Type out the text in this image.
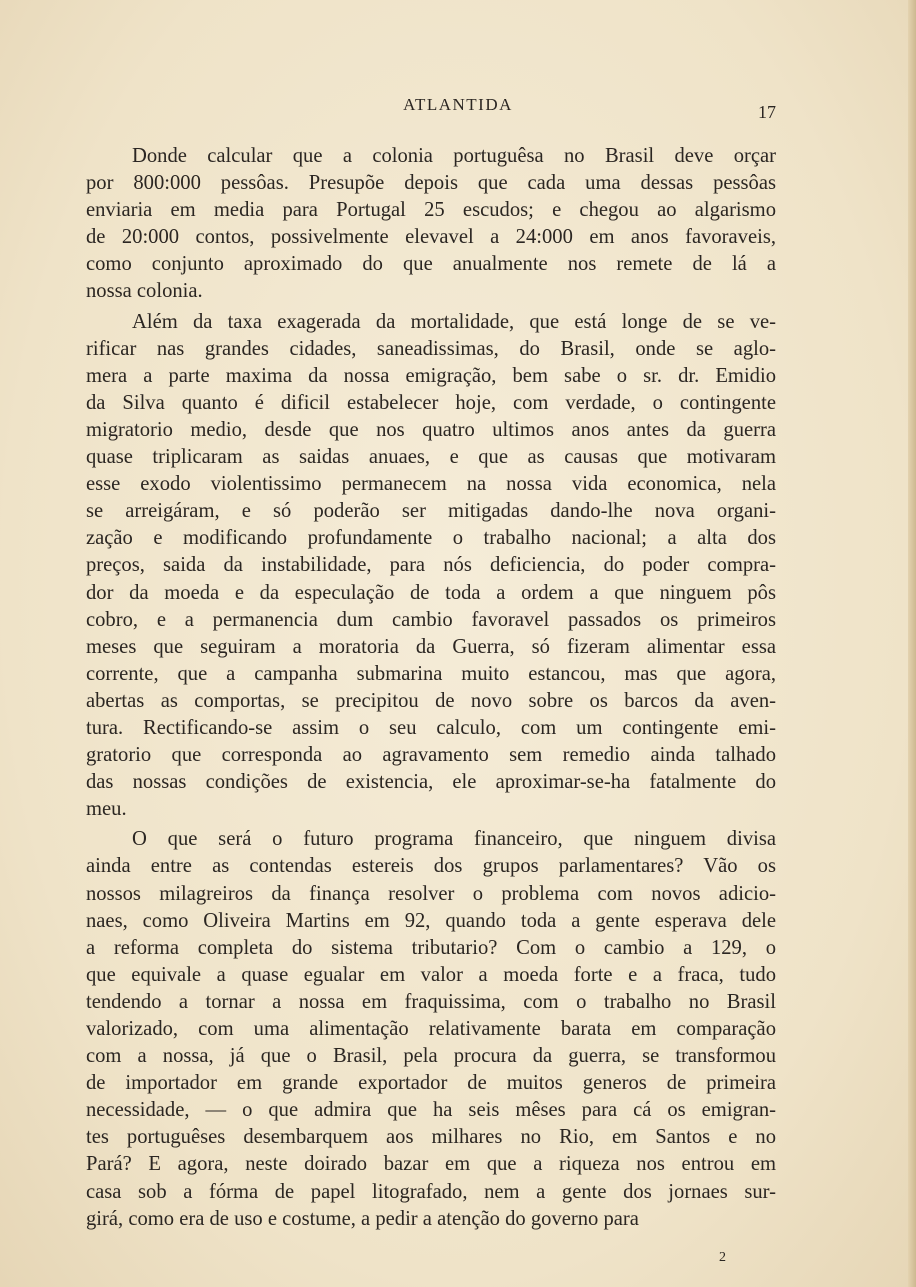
ATLANTIDA	17
Donde calcular que a colonia portuguêsa no Brasil deve orçar
por 800:000 pessôas. Presupõe depois que cada uma dessas pessôas
enviaria em media para Portugal 25 escudos; e chegou ao algarismo
de 20:000 contos, possivelmente elevavel a 24:000 em anos favoraveis,
como conjunto aproximado do que anualmente nos remete de lá a
nossa colonia.
Além da taxa exagerada da mortalidade, que está longe de se ve-
rificar nas grandes cidades, saneadissimas, do Brasil, onde se aglo-
mera a parte maxima da nossa emigração, bem sabe o sr. dr. Emidio
da Silva quanto é dificil estabelecer hoje, com verdade, o contingente
migratorio medio, desde que nos quatro ultimos anos antes da guerra
quase triplicaram as saidas anuaes, e que as causas que motivaram
esse exodo violentissimo permanecem na nossa vida economica, nela
se arreigáram, e só poderão ser mitigadas dando-lhe nova organi-
zação e modificando profundamente o trabalho nacional; a alta dos
preços, saida da instabilidade, para nós deficiencia, do poder compra-
dor da moeda e da especulação de toda a ordem a que ninguem pôs
cobro, e a permanencia dum cambio favoravel passados os primeiros
meses que seguiram a moratoria da Guerra, só fizeram alimentar essa
corrente, que a campanha submarina muito estancou, mas que agora,
abertas as comportas, se precipitou de novo sobre os barcos da aven-
tura. Rectificando-se assim o seu calculo, com um contingente emi-
gratorio que corresponda ao agravamento sem remedio ainda talhado
das nossas condições de existencia, ele aproximar-se-ha fatalmente do
meu.
O que será o futuro programa financeiro, que ninguem divisa
ainda entre as contendas estereis dos grupos parlamentares? Vão os
nossos milagreiros da finança resolver o problema com novos adicio-
naes, como Oliveira Martins em 92, quando toda a gente esperava dele
a reforma completa do sistema tributario? Com o cambio a 129, o
que equivale a quase egualar em valor a moeda forte e a fraca, tudo
tendendo a tornar a nossa em fraquissima, com o trabalho no Brasil
valorizado, com uma alimentação relativamente barata em comparação
com a nossa, já que o Brasil, pela procura da guerra, se transformou
de importador em grande exportador de muitos generos de primeira
necessidade, — o que admira que ha seis mêses para cá os emigran-
tes portuguêses desembarquem aos milhares no Rio, em Santos e no
Pará? E agora, neste doirado bazar em que a riqueza nos entrou em
casa sob a fórma de papel litografado, nem a gente dos jornaes sur-
girá, como era de uso e costume, a pedir a atenção do governo para
2
